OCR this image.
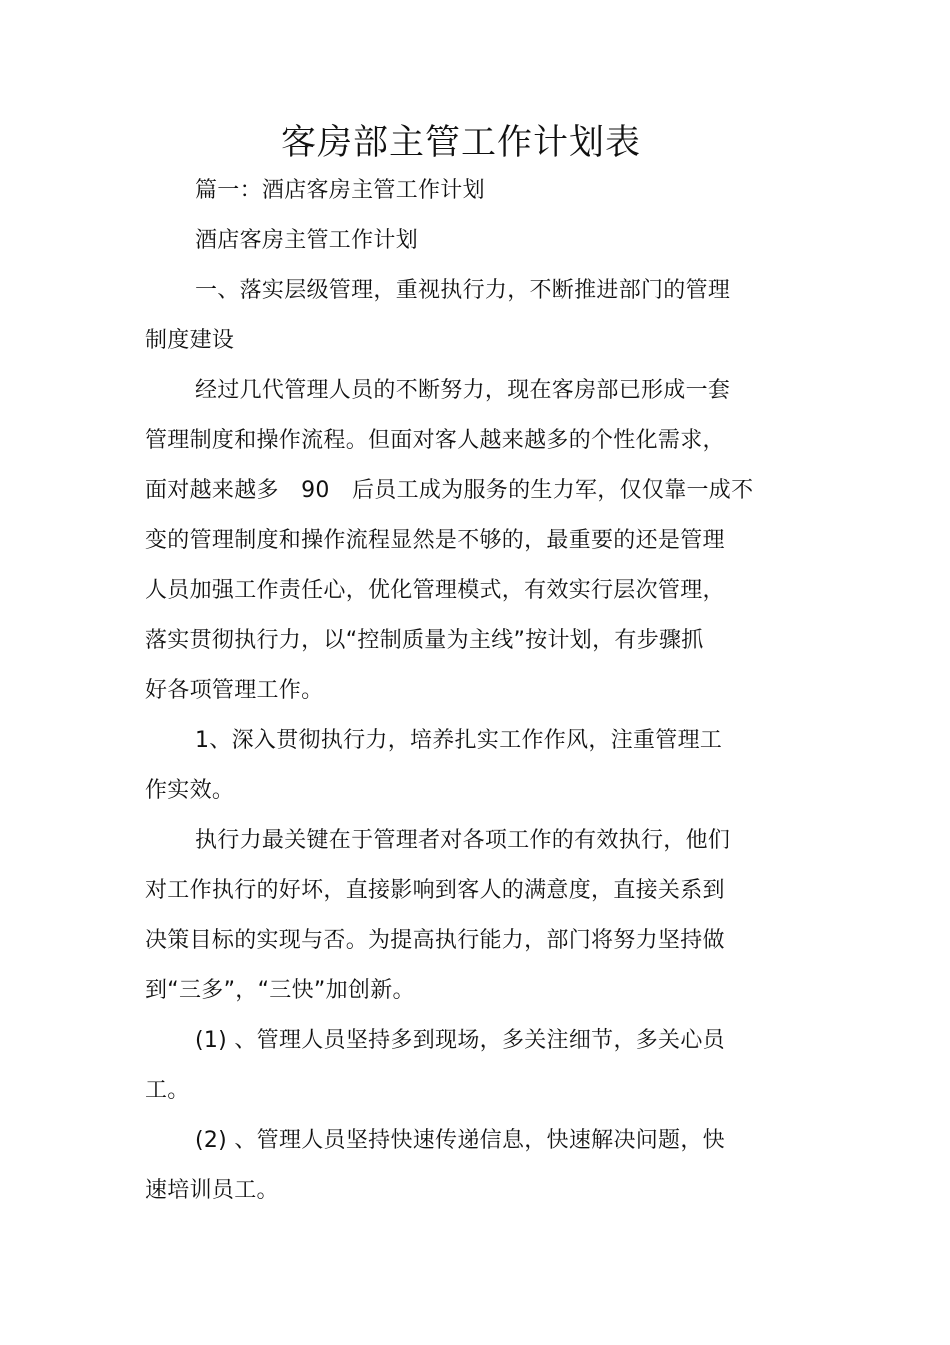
客房部主管工作计划表

篇一：酒店客房主管工作计划

酒店客房主管工作计划

一、落实层级管理，重视执行力，不断推进部门的管理
制度建设

经过几代管理人员的不断努力，现在客房部已形成一套
管理制度和操作流程。但面对客人越来越多的个性化需求，
面对越来越多　90　后员工成为服务的生力军，仅仅靠一成不
变的管理制度和操作流程显然是不够的，最重要的还是管理
人员加强工作责任心，优化管理模式，有效实行层次管理，
落实贯彻执行力，以“控制质量为主线”按计划，有步骤抓
好各项管理工作。

1、深入贯彻执行力，培养扎实工作作风，注重管理工
作实效。

执行力最关键在于管理者对各项工作的有效执行，他们
对工作执行的好坏，直接影响到客人的满意度，直接关系到
决策目标的实现与否。为提高执行能力，部门将努力坚持做
到“三多”，“三快”加创新。

(1) 、管理人员坚持多到现场，多关注细节，多关心员
工。

(2) 、管理人员坚持快速传递信息，快速解决问题，快
速培训员工。
